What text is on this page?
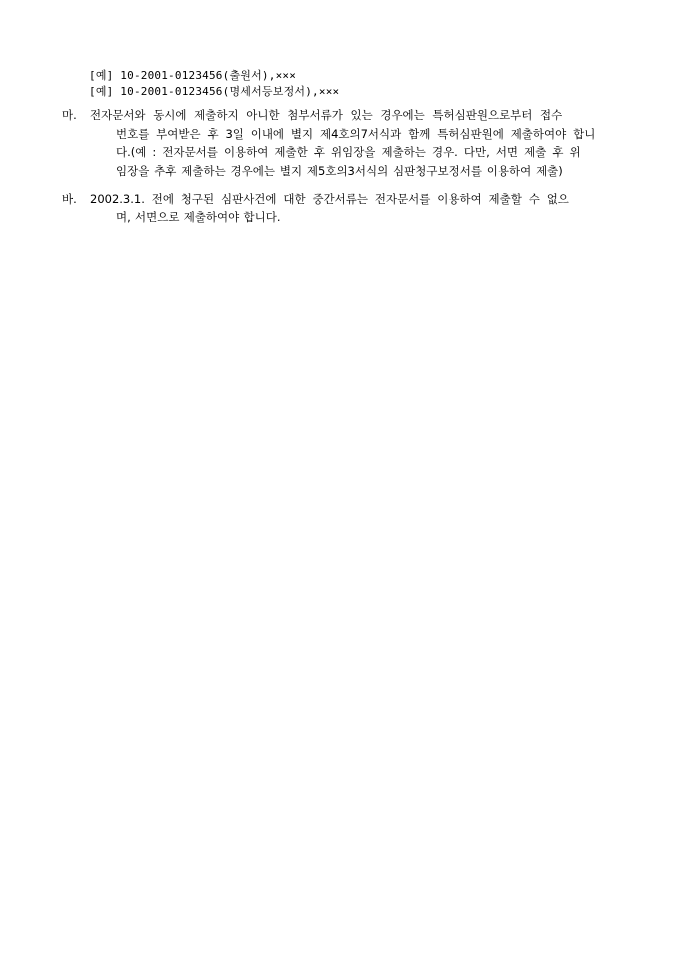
[예] 10-2001-0123456(출원서),×××
[예] 10-2001-0123456(명세서등보정서),×××
마.	전자문서와 동시에 제출하지 아니한 첨부서류가 있는 경우에는 특허심판원으로부터 접수
번호를 부여받은 후 3일 이내에 별지 제4호의7서식과 함께 특허심판원에 제출하여야 합니
다.(예 : 전자문서를 이용하여 제출한 후 위임장을 제출하는 경우. 다만, 서면 제출 후 위
임장을 추후 제출하는 경우에는 별지 제5호의3서식의 심판청구보정서를 이용하여 제출)
바.	2002.3.1. 전에 청구된 심판사건에 대한 중간서류는 전자문서를 이용하여 제출할 수 없으
며, 서면으로 제출하여야 합니다.
